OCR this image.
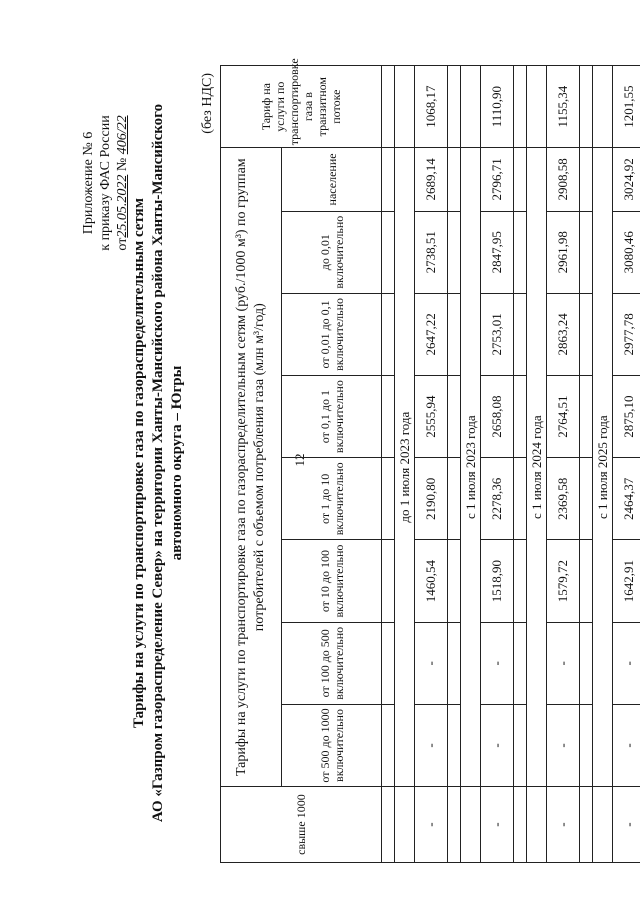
12
Приложение № 6 к приказу ФАС России от25.05.2022 № 406/22
Тарифы на услуги по транспортировке газа по газораспределительным сетям АО «Газпром газораспределение Север» на территории Ханты-Мансийского района Ханты-Мансийского автономного округа – Югры
(без НДС)
свыше 1000	Тарифы на услуги по транспортировке газа по газораспределительным сетям (руб./1000 м³) по группам потребителей с объемом потребления газа (млн м³/год)								Тариф на услуги по транспортировке газа в транзитном потоке
	от 500 до 1000 включительно	от 100 до 500 включительно	от 10 до 100 включительно	от 1 до 10 включительно	от 0,1 до 1 включительно	от 0,01 до 0,1 включительно	до 0,01 включительно	население	

	до 1 июля 2023 года								
-	-	-	1460,54	2190,80	2555,94	2647,22	2738,51	2689,14	1068,17

	с 1 июля 2023 года								
-	-	-	1518,90	2278,36	2658,08	2753,01	2847,95	2796,71	1110,90

	с 1 июля 2024 года								
-	-	-	1579,72	2369,58	2764,51	2863,24	2961,98	2908,58	1155,34

	с 1 июля 2025 года								
-	-	-	1642,91	2464,37	2875,10	2977,78	3080,46	3024,92	1201,55
